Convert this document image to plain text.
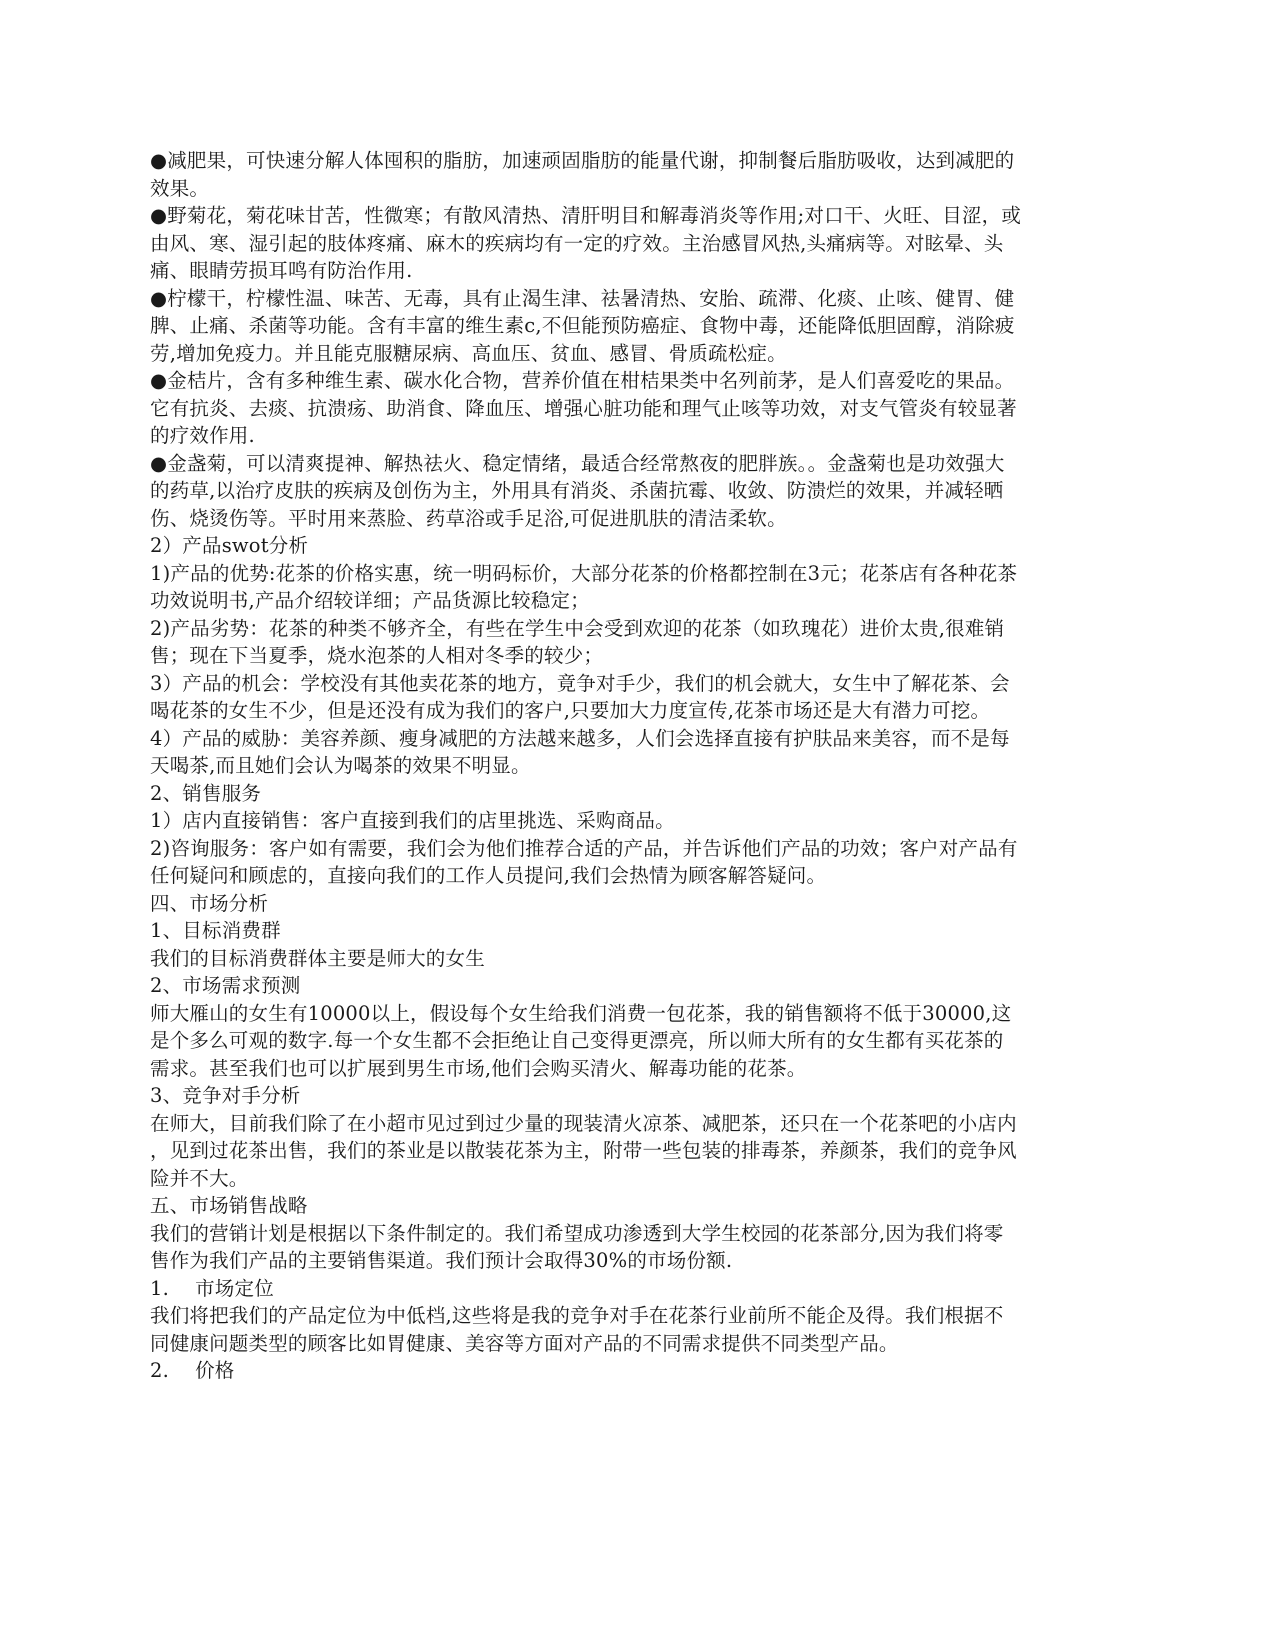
●减肥果，可快速分解人体囤积的脂肪，加速顽固脂肪的能量代谢，抑制餐后脂肪吸收，达到减肥的
效果。
●野菊花，菊花味甘苦，性微寒；有散风清热、清肝明目和解毒消炎等作用;对口干、火旺、目涩，或
由风、寒、湿引起的肢体疼痛、麻木的疾病均有一定的疗效。主治感冒风热,头痛病等。对眩晕、头
痛、眼睛劳损耳鸣有防治作用.
●柠檬干，柠檬性温、味苦、无毒，具有止渴生津、祛暑清热、安胎、疏滞、化痰、止咳、健胃、健
脾、止痛、杀菌等功能。含有丰富的维生素c,不但能预防癌症、食物中毒，还能降低胆固醇，消除疲
劳,增加免疫力。并且能克服糖尿病、高血压、贫血、感冒、骨质疏松症。
●金桔片，含有多种维生素、碳水化合物，营养价值在柑桔果类中名列前茅，是人们喜爱吃的果品。
它有抗炎、去痰、抗溃疡、助消食、降血压、增强心脏功能和理气止咳等功效，对支气管炎有较显著
的疗效作用.
●金盏菊，可以清爽提神、解热祛火、稳定情绪，最适合经常熬夜的肥胖族。。金盏菊也是功效强大
的药草,以治疗皮肤的疾病及创伤为主，外用具有消炎、杀菌抗霉、收敛、防溃烂的效果，并减轻晒
伤、烧烫伤等。平时用来蒸脸、药草浴或手足浴,可促进肌肤的清洁柔软。
2）产品swot分析
1)产品的优势:花茶的价格实惠，统一明码标价，大部分花茶的价格都控制在3元；花茶店有各种花茶
功效说明书,产品介绍较详细；产品货源比较稳定；
2)产品劣势：花茶的种类不够齐全，有些在学生中会受到欢迎的花茶（如玖瑰花）进价太贵,很难销
售；现在下当夏季，烧水泡茶的人相对冬季的较少；
3）产品的机会：学校没有其他卖花茶的地方，竟争对手少，我们的机会就大，女生中了解花茶、会
喝花茶的女生不少，但是还没有成为我们的客户,只要加大力度宣传,花茶市场还是大有潜力可挖。
4）产品的威胁：美容养颜、瘦身减肥的方法越来越多，人们会选择直接有护肤品来美容，而不是每
天喝茶,而且她们会认为喝茶的效果不明显。
2、销售服务
1）店内直接销售：客户直接到我们的店里挑选、采购商品。
2)咨询服务：客户如有需要，我们会为他们推荐合适的产品，并告诉他们产品的功效；客户对产品有
任何疑问和顾虑的，直接向我们的工作人员提问,我们会热情为顾客解答疑问。
四、市场分析
1、目标消费群
我们的目标消费群体主要是师大的女生
2、市场需求预测
师大雁山的女生有10000以上，假设每个女生给我们消费一包花茶，我的销售额将不低于30000,这
是个多么可观的数字.每一个女生都不会拒绝让自己变得更漂亮，所以师大所有的女生都有买花茶的
需求。甚至我们也可以扩展到男生市场,他们会购买清火、解毒功能的花茶。
3、竞争对手分析
在师大，目前我们除了在小超市见过到过少量的现装清火凉茶、减肥茶，还只在一个花茶吧的小店内
，见到过花茶出售，我们的茶业是以散装花茶为主，附带一些包装的排毒茶，养颜茶，我们的竞争风
险并不大。
五、市场销售战略
我们的营销计划是根据以下条件制定的。我们希望成功渗透到大学生校园的花茶部分,因为我们将零
售作为我们产品的主要销售渠道。我们预计会取得30%的市场份额.
1.　 市场定位
我们将把我们的产品定位为中低档,这些将是我的竞争对手在花茶行业前所不能企及得。我们根据不
同健康问题类型的顾客比如胃健康、美容等方面对产品的不同需求提供不同类型产品。
2.　 价格
